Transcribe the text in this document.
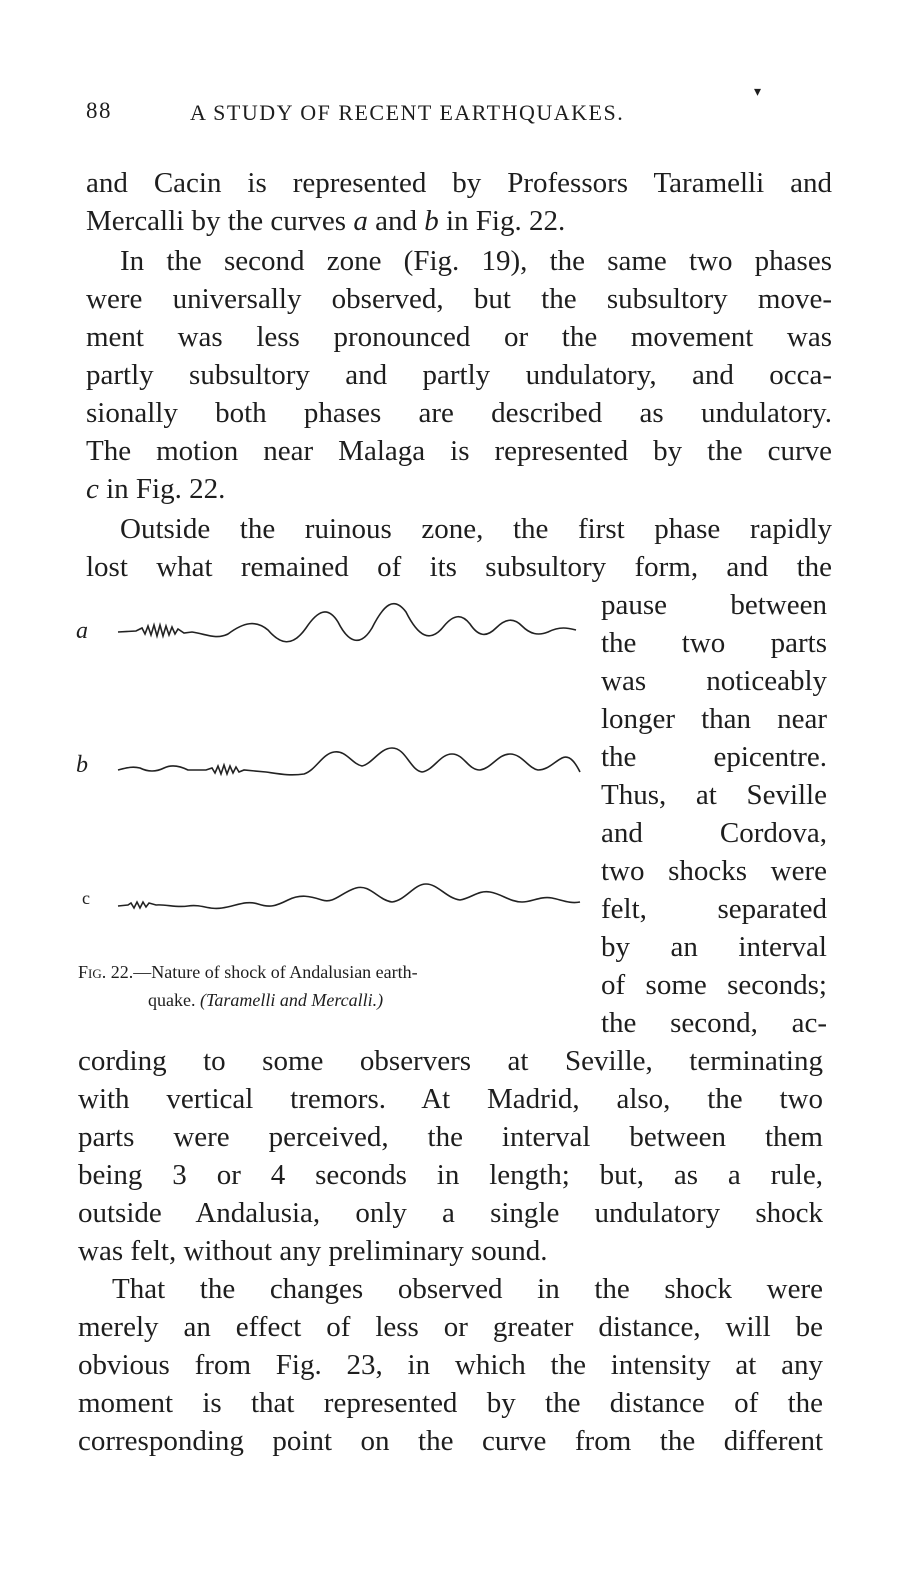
88	A STUDY OF RECENT EARTHQUAKES.
▾
and Cacin is represented by Professors Taramelli and
Mercalli by the curves a and b in Fig. 22.
In the second zone (Fig. 19), the same two phases
were universally observed, but the subsultory move-
ment was less pronounced or the movement was
partly subsultory and partly undulatory, and occa-
sionally both phases are described as undulatory.
The motion near Malaga is represented by the curve
c in Fig. 22.
Outside the ruinous zone, the first phase rapidly
lost what remained of its subsultory form, and the
pause between
the two parts
was noticeably
longer than near
the epicentre.
Thus, at Seville
and Cordova,
two shocks were
felt, separated
by an interval
of some seconds;
the second, ac-
a
b
c
Fig. 22.—Nature of shock of Andalusian earth-
quake. (Taramelli and Mercalli.)
cording to some observers at Seville, terminating
with vertical tremors. At Madrid, also, the two
parts were perceived, the interval between them
being 3 or 4 seconds in length; but, as a rule,
outside Andalusia, only a single undulatory shock
was felt, without any preliminary sound.
That the changes observed in the shock were
merely an effect of less or greater distance, will be
obvious from Fig. 23, in which the intensity at any
moment is that represented by the distance of the
corresponding point on the curve from the different
